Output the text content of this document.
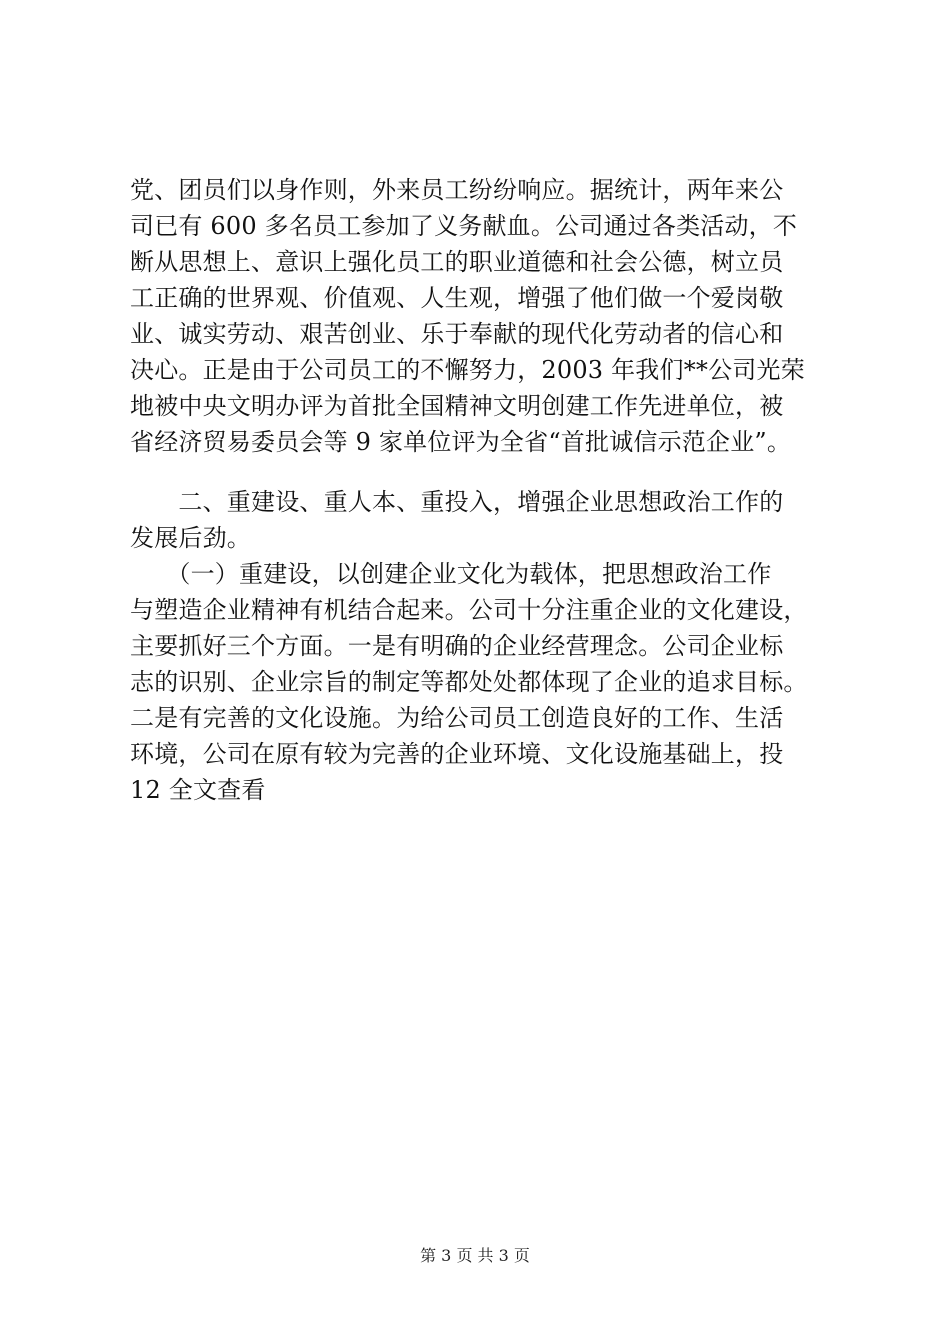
党、团员们以身作则，外来员工纷纷响应。据统计，两年来公
司已有 600 多名员工参加了义务献血。公司通过各类活动，不
断从思想上、意识上强化员工的职业道德和社会公德，树立员
工正确的世界观、价值观、人生观，增强了他们做一个爱岗敬
业、诚实劳动、艰苦创业、乐于奉献的现代化劳动者的信心和
决心。正是由于公司员工的不懈努力，2003 年我们**公司光荣
地被中央文明办评为首批全国精神文明创建工作先进单位，被
省经济贸易委员会等 9 家单位评为全省“首批诚信示范企业”。
　　二、重建设、重人本、重投入，增强企业思想政治工作的
发展后劲。
　　（一）重建设，以创建企业文化为载体，把思想政治工作
与塑造企业精神有机结合起来。公司十分注重企业的文化建设，
主要抓好三个方面。一是有明确的企业经营理念。公司企业标
志的识别、企业宗旨的制定等都处处都体现了企业的追求目标。
二是有完善的文化设施。为给公司员工创造良好的工作、生活
环境，公司在原有较为完善的企业环境、文化设施基础上，投
12 全文查看
第 3 页 共 3 页
